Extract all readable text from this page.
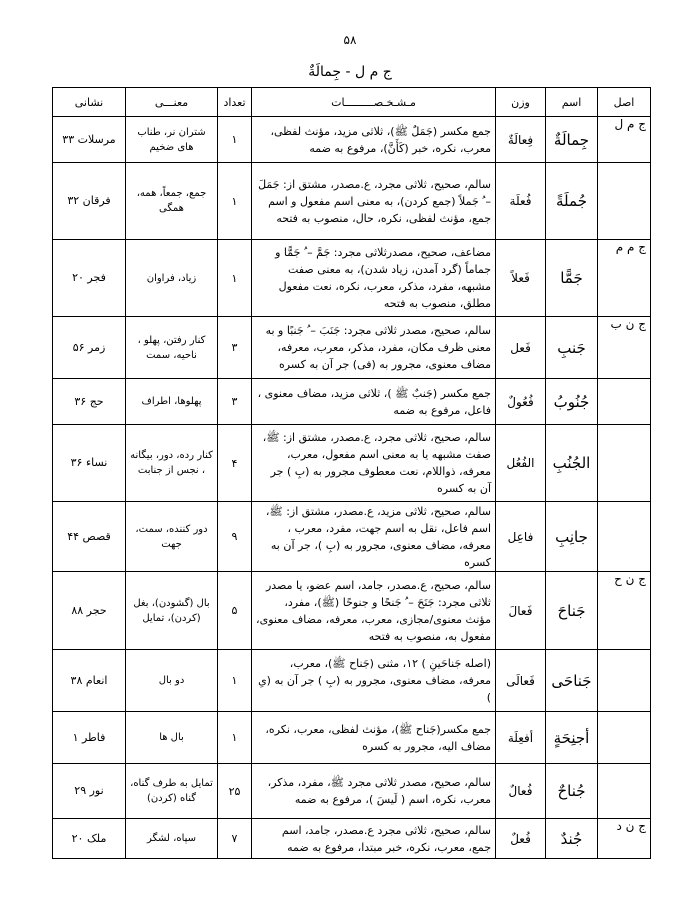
۵۸
ج م ل - جِمالَةٌ
اصل	اسم	وزن	مـشـخـصـــــــــات	تعداد	معنـــی	نشانی
ج م ل	جِمالَةٌ	فِعالَةٌ	جمع مکسر (جَمَلٌ ﷺ)، ثلاثی مزید، مؤنث لفظی، معرب، نکره، خبر (كَأَنَّ)، مرفوع به ضمه	۱	شتران نر، طناب های ضخیم	مرسلات ۳۳
	جُملَةً	فُعلَة	سالم، صحیح، ثلاثی مجرد، ع.مصدر، مشتق از: جَمَلَ – ُ جَملاً (جمع کردن)، به معنی اسم مفعول و اسم جمع، مؤنث لفظی، نکره، حال، منصوب به فتحه	۱	جمع، جمعاً، همه، همگی	فرقان ۳۲
ج م م	جَمًّا	فَعلاً	مضاعف، صحیح، مصدرثلاثی مجرد: جَمَّ – ُ جَمًّا و جماماً (گرد آمدن، زیاد شدن)، به معنی صفت مشبهه، مفرد، مذکر، معرب، نکره، نعت مفعول مطلق، منصوب به فتحه	۱	زیاد، فراوان	فجر ۲۰
ج ن ب	جَنبِ	فَعل	سالم، صحیح، مصدر ثلاثی مجرد: جَنَبَ – ُ جَنبًا و به معنی ظرف مکان، مفرد، مذکر، معرب، معرفه، مضاف معنوی، مجرور به (فی) جر آن به کسره	۳	کنار رفتن، پهلو ، ناحیه، سمت	زمر ۵۶
	جُنُوبُ	فُعُولٌ	جمع مکسر (جَنبٌ ﷺ )، ثلاثی مزید، مضاف معنوی ، فاعل، مرفوع به ضمه	۳	پهلوها، اطراف	حج ۳۶
	الجُنُبِ	الفُعُل	سالم، صحیح، ثلاثی مجرد، ع.مصدر، مشتق از: ﷺ، صفت مشبهه یا به معنی اسم مفعول، معرب، معرفه، ذواللام، نعت معطوف مجرور به (بِ ) جر آن به کسره	۴	کنار رده، دور، بیگانه ، نجس از جنابت	نساء ۳۶
	جانِبِ	فاعِل	سالم، صحیح، ثلاثی مزید، ع.مصدر، مشتق از: ﷺ، اسم فاعل، نقل به اسم جهت، مفرد، معرب ، معرفه، مضاف معنوی، مجرور به (بِ )، جر آن به کسره	۹	دور کننده، سمت، جهت	قصص ۴۴
ج ن ح	جَناحَ	فَعالَ	سالم، صحیح، ع.مصدر، جامد، اسم عضو، یا مصدر ثلاثی مجرد: جَنَحَ – ُ جَنحًا و جنوحًا (ﷺ)، مفرد، مؤنث معنوی/مجازی، معرب، معرفه، مضاف معنوی، مفعول به، منصوب به فتحه	۵	بال (گشودن)، بغل (کردن)، تمایل	حجر ۸۸
	جَناحَی	فَعالَی	(اصله جَناحَینِ ) ۱۲، مثنی (جَناح ﷺ)، معرب، معرفه، مضاف معنوی، مجرور به (بِ ) جر آن به (یِ )	۱	دو بال	انعام ۳۸
	أجنِحَةٍ	أفعِلَة	جمع مکسر(جَناح ﷺ)، مؤنث لفظی، معرب، نکره، مضاف الیه، مجرور به کسره	۱	بال ها	فاطر ۱
	جُناحٌ	فُعالٌ	سالم، صحیح، مصدر ثلاثی مجرد ﷺ، مفرد، مذکر، معرب، نکره، اسم ( لَیسَ )، مرفوع به ضمه	۲۵	تمایل به طرف گناه، گناه (کردن)	نور ۲۹
ج ن د	جُندٌ	فُعلٌ	سالم، صحیح، ثلاثی مجرد ع.مصدر، جامد، اسم جمع، معرب، نکره، خبر مبتدا، مرفوع به ضمه	۷	سپاه، لشگر	ملک ۲۰
